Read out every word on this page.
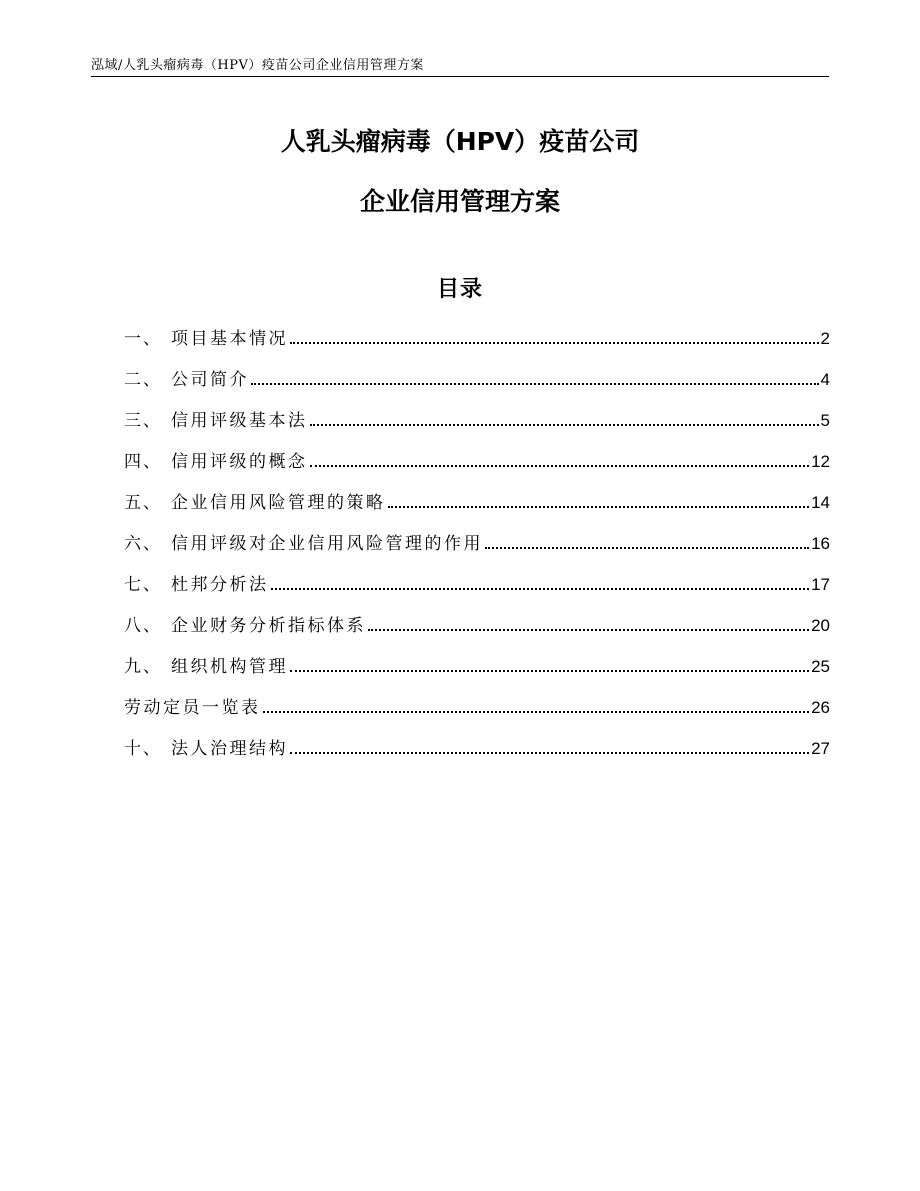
泓域/人乳头瘤病毒（HPV）疫苗公司企业信用管理方案
人乳头瘤病毒（HPV）疫苗公司
企业信用管理方案
目录
一、 项目基本情况	2
二、 公司简介	4
三、 信用评级基本法	5
四、 信用评级的概念	12
五、 企业信用风险管理的策略	14
六、 信用评级对企业信用风险管理的作用	16
七、 杜邦分析法	17
八、 企业财务分析指标体系	20
九、 组织机构管理	25
劳动定员一览表	26
十、 法人治理结构	27
